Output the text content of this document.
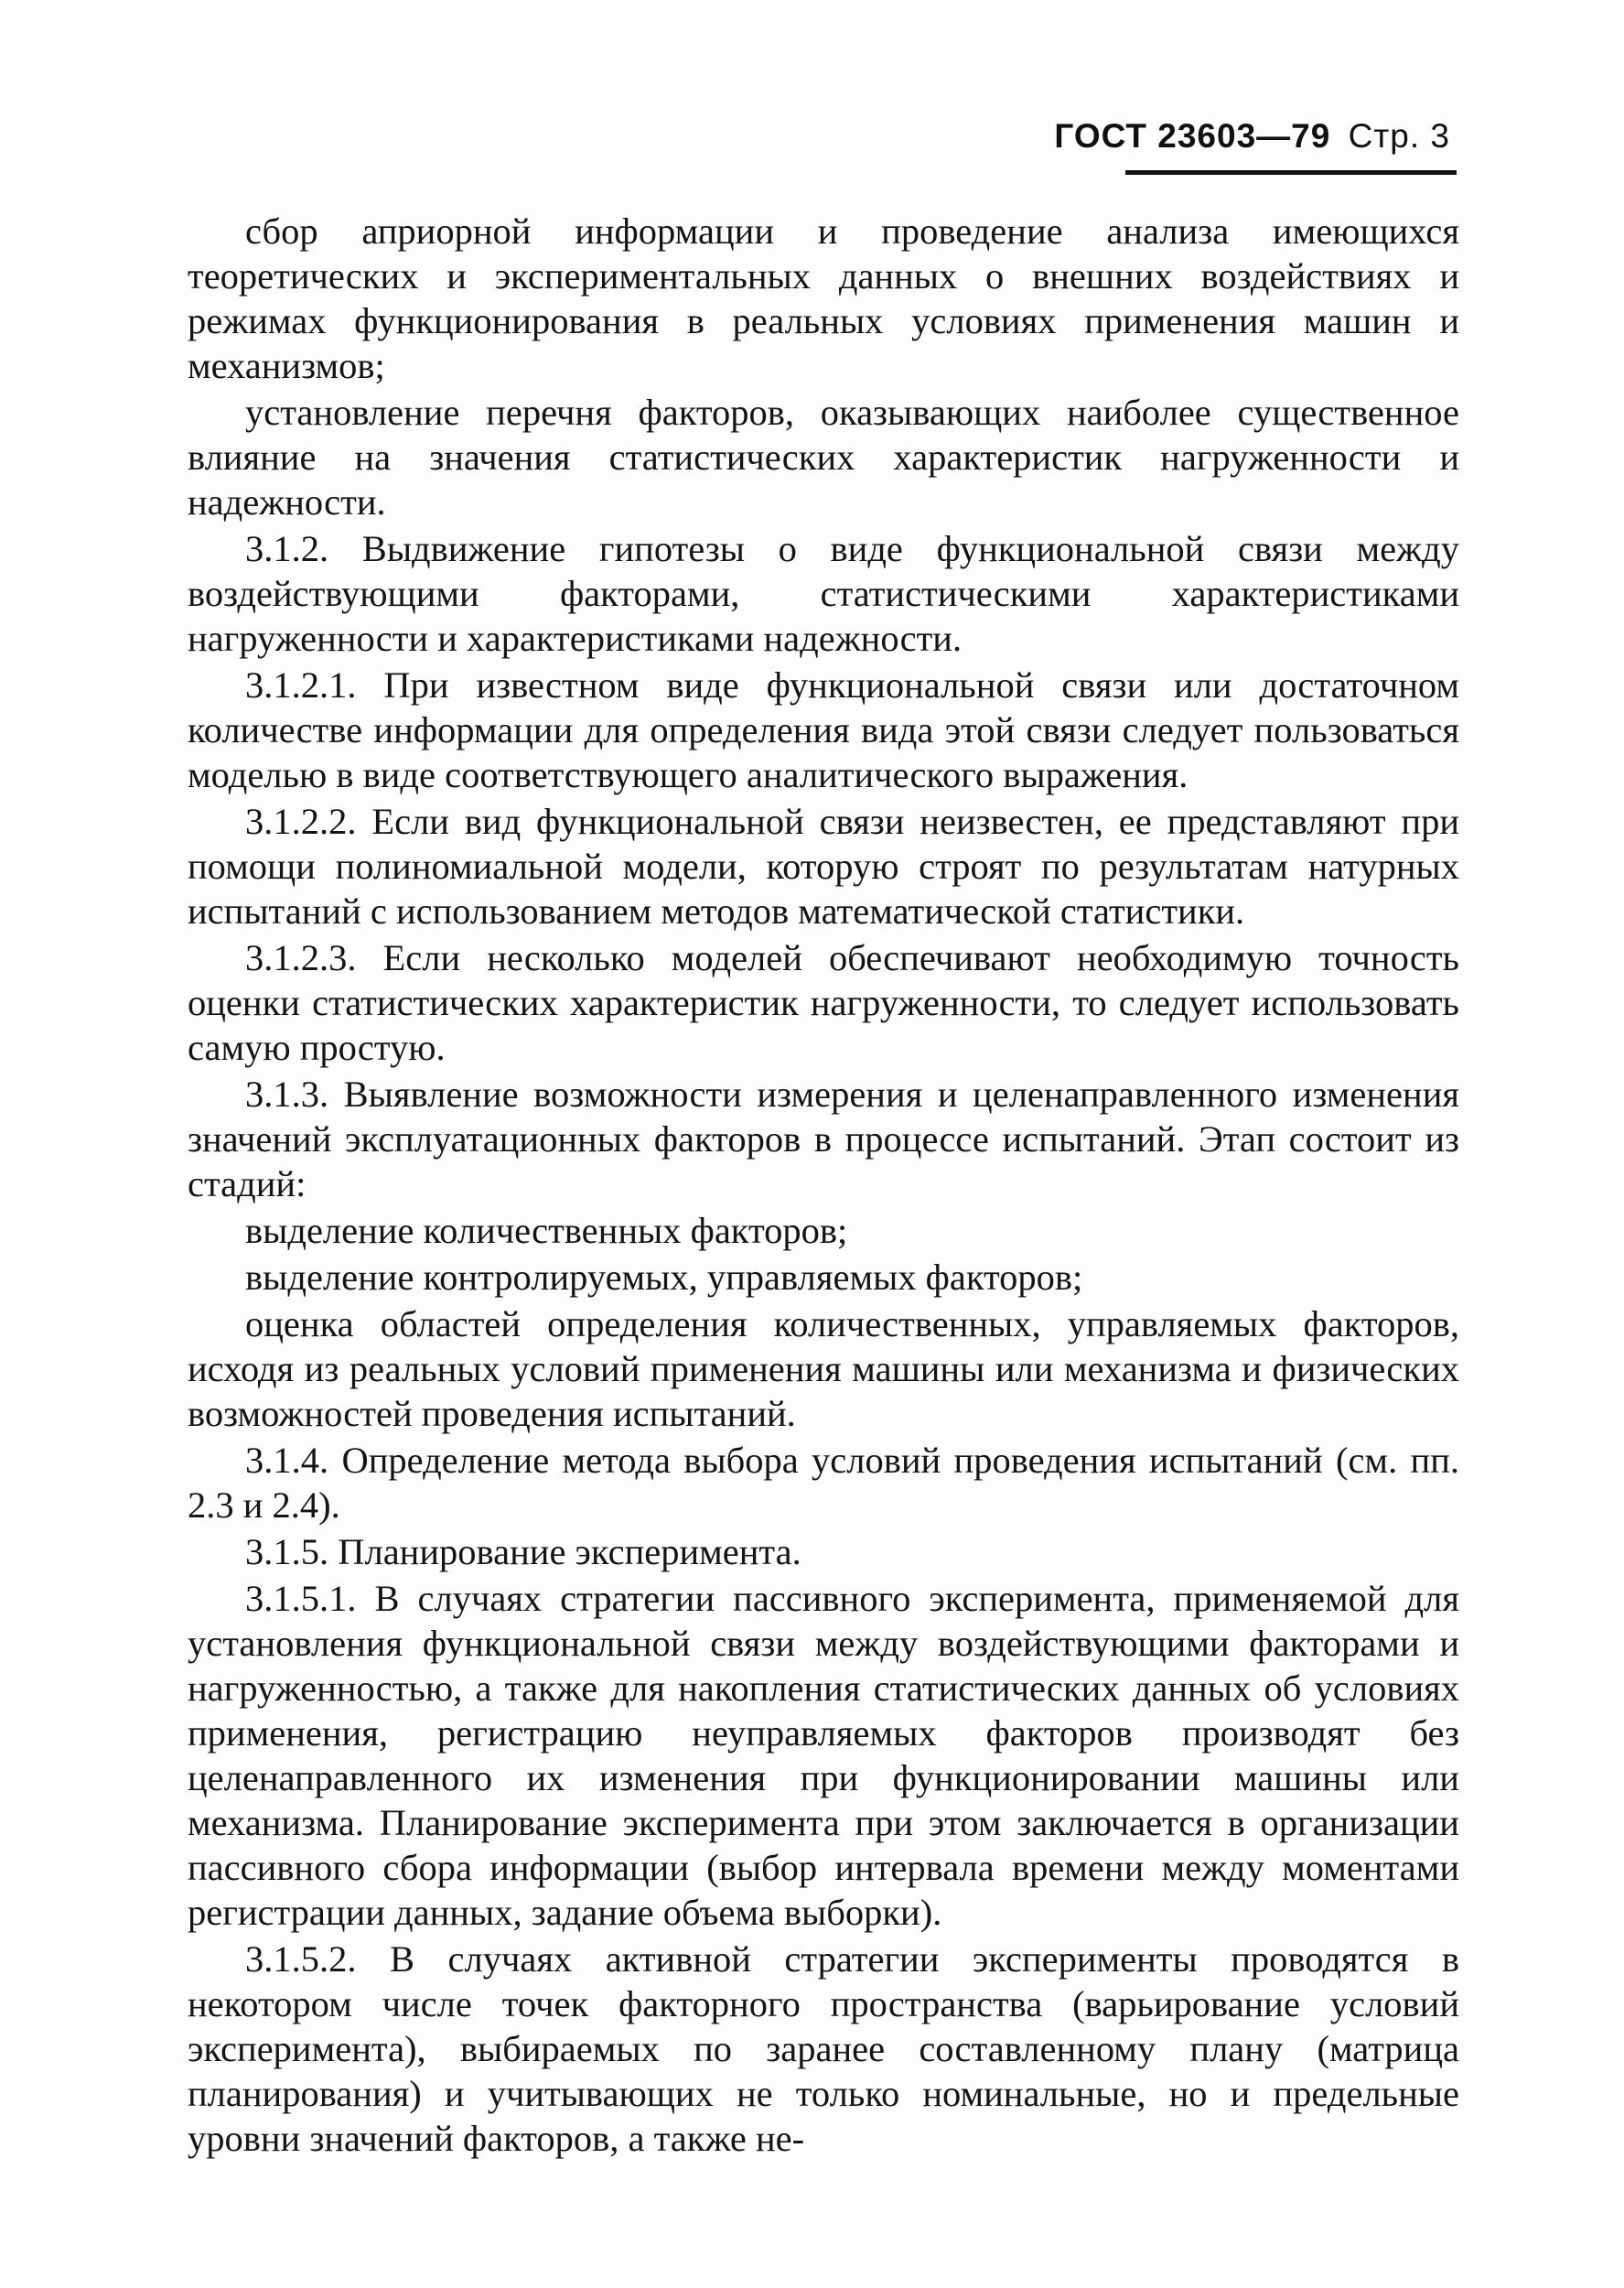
ГОСТ 23603—79 Стр. 3

сбор априорной информации и проведение анализа имеющихся теоретических и экспериментальных данных о внешних воздействиях и режимах функционирования в реальных условиях применения машин и механизмов;

установление перечня факторов, оказывающих наиболее существенное влияние на значения статистических характеристик нагруженности и надежности.

3.1.2. Выдвижение гипотезы о виде функциональной связи между воздействующими факторами, статистическими характеристиками нагруженности и характеристиками надежности.

3.1.2.1. При известном виде функциональной связи или достаточном количестве информации для определения вида этой связи следует пользоваться моделью в виде соответствующего аналитического выражения.

3.1.2.2. Если вид функциональной связи неизвестен, ее представляют при помощи полиномиальной модели, которую строят по результатам натурных испытаний с использованием методов математической статистики.

3.1.2.3. Если несколько моделей обеспечивают необходимую точность оценки статистических характеристик нагруженности, то следует использовать самую простую.

3.1.3. Выявление возможности измерения и целенаправленного изменения значений эксплуатационных факторов в процессе испытаний. Этап состоит из стадий:

выделение количественных факторов;

выделение контролируемых, управляемых факторов;

оценка областей определения количественных, управляемых факторов, исходя из реальных условий применения машины или механизма и физических возможностей проведения испытаний.

3.1.4. Определение метода выбора условий проведения испытаний (см. пп. 2.3 и 2.4).

3.1.5. Планирование эксперимента.

3.1.5.1. В случаях стратегии пассивного эксперимента, применяемой для установления функциональной связи между воздействующими факторами и нагруженностью, а также для накопления статистических данных об условиях применения, регистрацию неуправляемых факторов производят без целенаправленного их изменения при функционировании машины или механизма. Планирование эксперимента при этом заключается в организации пассивного сбора информации (выбор интервала времени между моментами регистрации данных, задание объема выборки).

3.1.5.2. В случаях активной стратегии эксперименты проводятся в некотором числе точек факторного пространства (варьирование условий эксперимента), выбираемых по заранее составленному плану (матрица планирования) и учитывающих не только номинальные, но и предельные уровни значений факторов, а также не-
